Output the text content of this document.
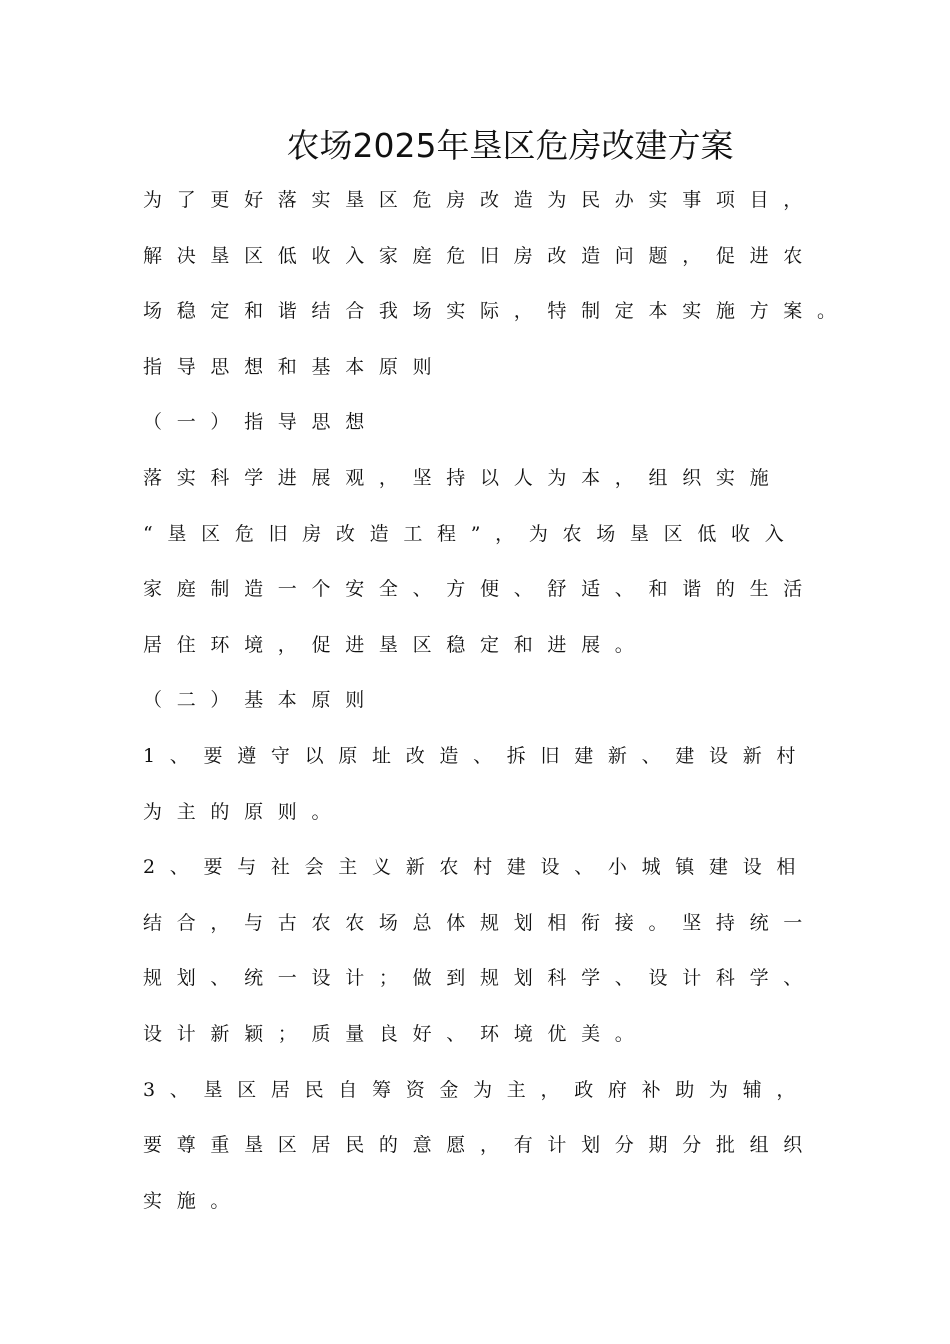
农场2025年垦区危房改建方案
为了更好落实垦区危房改造为民办实事项目，
解决垦区低收入家庭危旧房改造问题，促进农
场稳定和谐结合我场实际，特制定本实施方案。
指导思想和基本原则
（一）指导思想
落实科学进展观，坚持以人为本，组织实施
“垦区危旧房改造工程”，为农场垦区低收入
家庭制造一个安全、方便、舒适、和谐的生活
居住环境，促进垦区稳定和进展。
（二）基本原则
1、要遵守以原址改造、拆旧建新、建设新村
为主的原则。
2、要与社会主义新农村建设、小城镇建设相
结合，与古农农场总体规划相衔接。坚持统一
规划、统一设计；做到规划科学、设计科学、
设计新颖；质量良好、环境优美。
3、垦区居民自筹资金为主，政府补助为辅，
要尊重垦区居民的意愿，有计划分期分批组织
实施。
